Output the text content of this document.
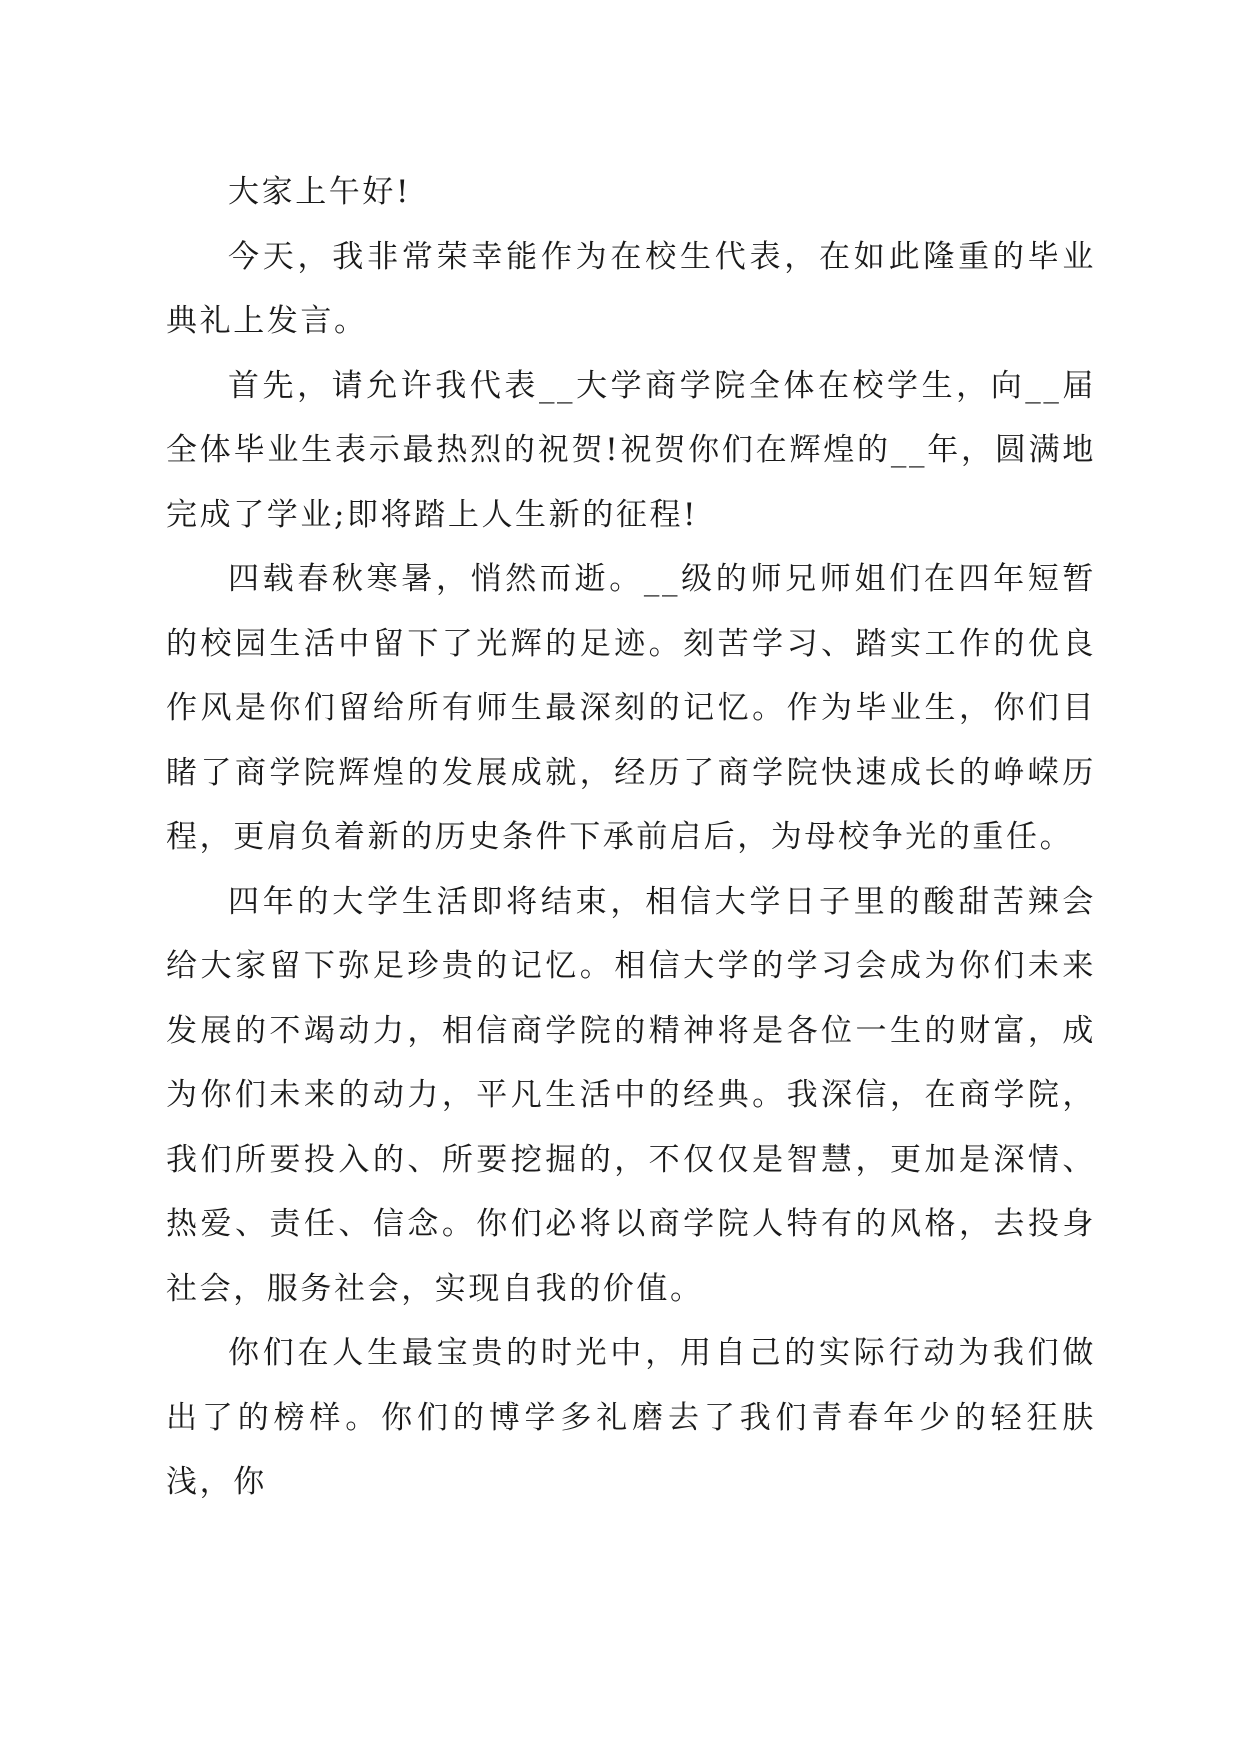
大家上午好!

今天，我非常荣幸能作为在校生代表，在如此隆重的毕业典礼上发言。

首先，请允许我代表__大学商学院全体在校学生，向__届全体毕业生表示最热烈的祝贺!祝贺你们在辉煌的__年，圆满地完成了学业;即将踏上人生新的征程!

四载春秋寒暑，悄然而逝。__级的师兄师姐们在四年短暂的校园生活中留下了光辉的足迹。刻苦学习、踏实工作的优良作风是你们留给所有师生最深刻的记忆。作为毕业生，你们目睹了商学院辉煌的发展成就，经历了商学院快速成长的峥嵘历程，更肩负着新的历史条件下承前启后，为母校争光的重任。

四年的大学生活即将结束，相信大学日子里的酸甜苦辣会给大家留下弥足珍贵的记忆。相信大学的学习会成为你们未来发展的不竭动力，相信商学院的精神将是各位一生的财富，成为你们未来的动力，平凡生活中的经典。我深信，在商学院，我们所要投入的、所要挖掘的，不仅仅是智慧，更加是深情、热爱、责任、信念。你们必将以商学院人特有的风格，去投身社会，服务社会，实现自我的价值。

你们在人生最宝贵的时光中，用自己的实际行动为我们做出了的榜样。你们的博学多礼磨去了我们青春年少的轻狂肤浅，你
